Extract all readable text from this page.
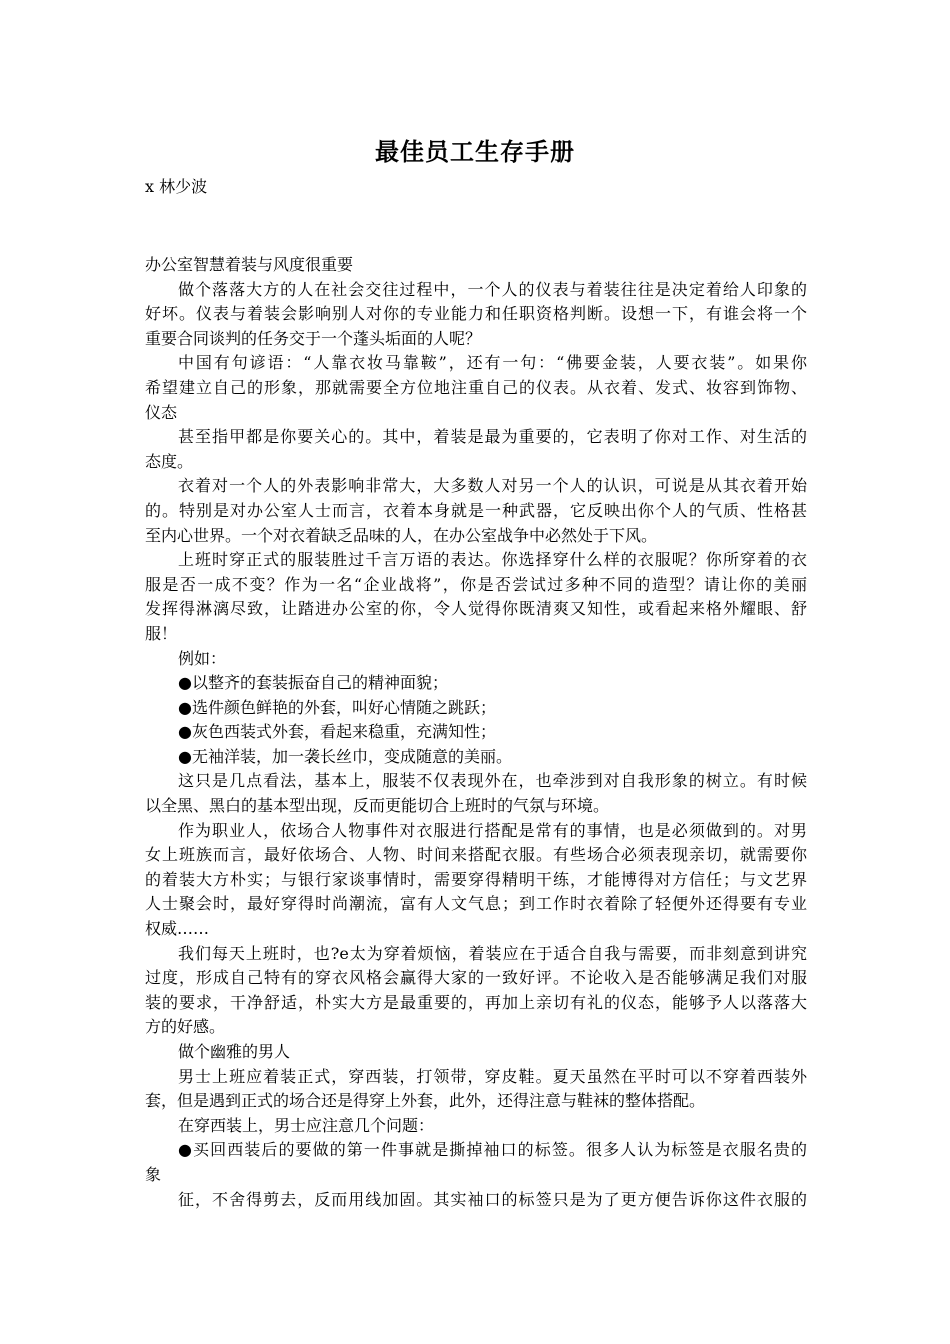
最佳员工生存手册
x 林少波
办公室智慧着装与风度很重要
做个落落大方的人在社会交往过程中，一个人的仪表与着装往往是决定着给人印象的
好坏。仪表与着装会影响别人对你的专业能力和任职资格判断。设想一下，有谁会将一个
重要合同谈判的任务交于一个蓬头垢面的人呢？
中国有句谚语：“人靠衣妆马靠鞍”，还有一句：“佛要金装，人要衣装”。如果你
希望建立自己的形象，那就需要全方位地注重自己的仪表。从衣着、发式、妆容到饰物、
仪态
甚至指甲都是你要关心的。其中，着装是最为重要的，它表明了你对工作、对生活的
态度。
衣着对一个人的外表影响非常大，大多数人对另一个人的认识，可说是从其衣着开始
的。特别是对办公室人士而言，衣着本身就是一种武器，它反映出你个人的气质、性格甚
至内心世界。一个对衣着缺乏品味的人，在办公室战争中必然处于下风。
上班时穿正式的服装胜过千言万语的表达。你选择穿什么样的衣服呢？你所穿着的衣
服是否一成不变？作为一名“企业战将”，你是否尝试过多种不同的造型？请让你的美丽
发挥得淋漓尽致，让踏进办公室的你，令人觉得你既清爽又知性，或看起来格外耀眼、舒
服！
例如：
●以整齐的套装振奋自己的精神面貌；
●选件颜色鲜艳的外套，叫好心情随之跳跃；
●灰色西装式外套，看起来稳重，充满知性；
●无袖洋装，加一袭长丝巾，变成随意的美丽。
这只是几点看法，基本上，服装不仅表现外在，也牵涉到对自我形象的树立。有时候
以全黑、黑白的基本型出现，反而更能切合上班时的气氛与环境。
作为职业人，依场合人物事件对衣服进行搭配是常有的事情，也是必须做到的。对男
女上班族而言，最好依场合、人物、时间来搭配衣服。有些场合必须表现亲切，就需要你
的着装大方朴实；与银行家谈事情时，需要穿得精明干练，才能博得对方信任；与文艺界
人士聚会时，最好穿得时尚潮流，富有人文气息；到工作时衣着除了轻便外还得要有专业
权威……
我们每天上班时，也?e太为穿着烦恼，着装应在于适合自我与需要，而非刻意到讲究
过度，形成自己特有的穿衣风格会赢得大家的一致好评。不论收入是否能够满足我们对服
装的要求，干净舒适，朴实大方是最重要的，再加上亲切有礼的仪态，能够予人以落落大
方的好感。
做个幽雅的男人
男士上班应着装正式，穿西装，打领带，穿皮鞋。夏天虽然在平时可以不穿着西装外
套，但是遇到正式的场合还是得穿上外套，此外，还得注意与鞋袜的整体搭配。
在穿西装上，男士应注意几个问题：
●买回西装后的要做的第一件事就是撕掉袖口的标签。很多人认为标签是衣服名贵的
象
征，不舍得剪去，反而用线加固。其实袖口的标签只是为了更方便告诉你这件衣服的
